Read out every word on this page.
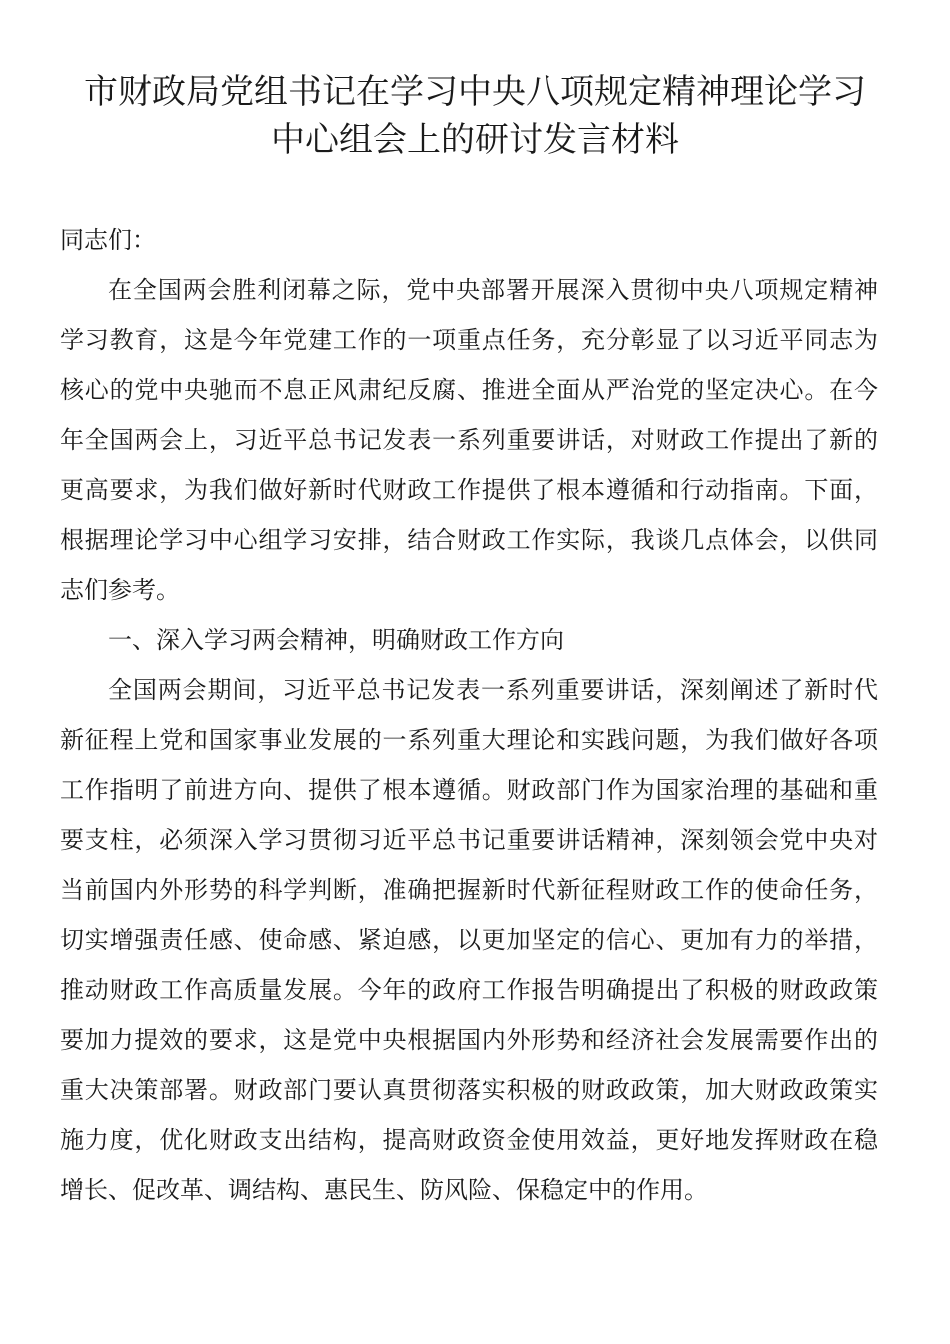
市财政局党组书记在学习中央八项规定精神理论学习
中心组会上的研讨发言材料

同志们：

在全国两会胜利闭幕之际，党中央部署开展深入贯彻中央八项规定精神
学习教育，这是今年党建工作的一项重点任务，充分彰显了以习近平同志为
核心的党中央驰而不息正风肃纪反腐、推进全面从严治党的坚定决心。在今
年全国两会上，习近平总书记发表一系列重要讲话，对财政工作提出了新的
更高要求，为我们做好新时代财政工作提供了根本遵循和行动指南。下面，
根据理论学习中心组学习安排，结合财政工作实际，我谈几点体会，以供同
志们参考。

一、深入学习两会精神，明确财政工作方向

全国两会期间，习近平总书记发表一系列重要讲话，深刻阐述了新时代
新征程上党和国家事业发展的一系列重大理论和实践问题，为我们做好各项
工作指明了前进方向、提供了根本遵循。财政部门作为国家治理的基础和重
要支柱，必须深入学习贯彻习近平总书记重要讲话精神，深刻领会党中央对
当前国内外形势的科学判断，准确把握新时代新征程财政工作的使命任务，
切实增强责任感、使命感、紧迫感，以更加坚定的信心、更加有力的举措，
推动财政工作高质量发展。今年的政府工作报告明确提出了积极的财政政策
要加力提效的要求，这是党中央根据国内外形势和经济社会发展需要作出的
重大决策部署。财政部门要认真贯彻落实积极的财政政策，加大财政政策实
施力度，优化财政支出结构，提高财政资金使用效益，更好地发挥财政在稳
增长、促改革、调结构、惠民生、防风险、保稳定中的作用。
